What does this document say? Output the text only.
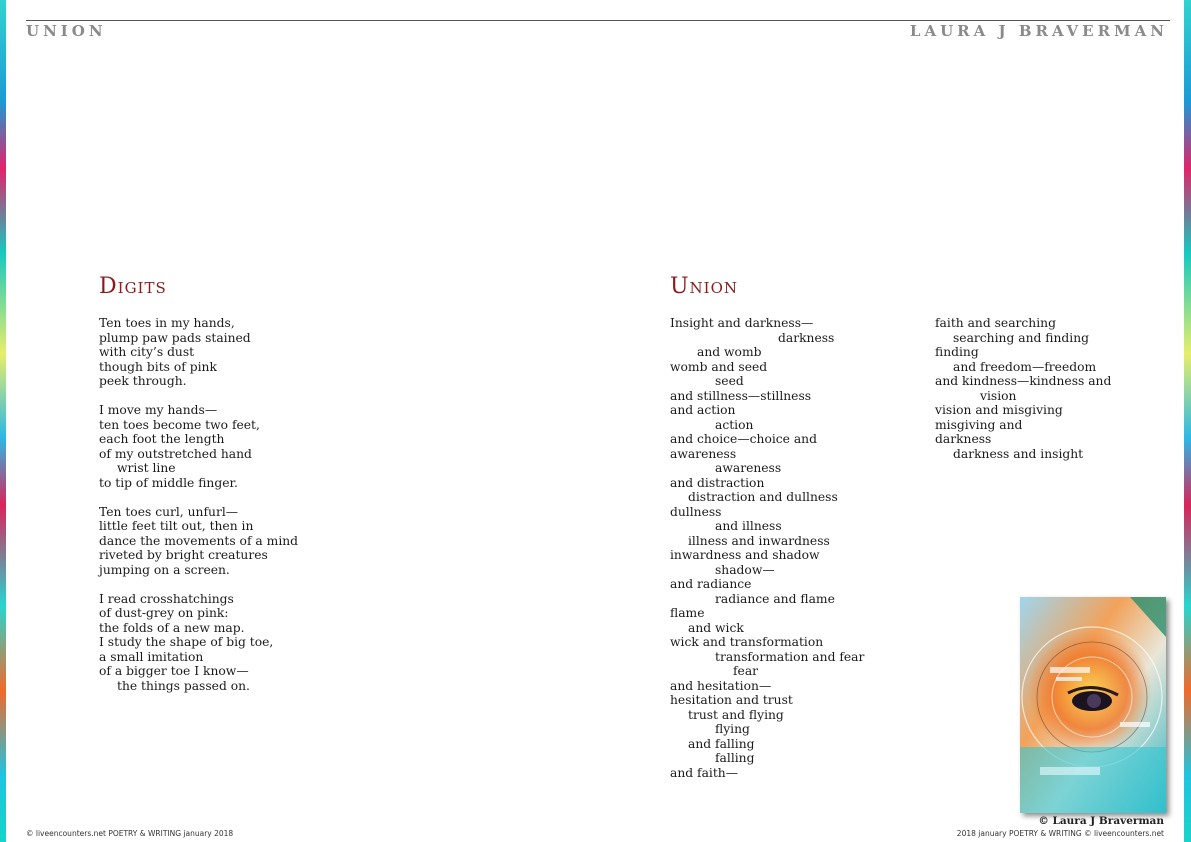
UNION	LAURA J BRAVERMAN
Digits
Ten toes in my hands,
plump paw pads stained
with city’s dust
though bits of pink
peek through.
I move my hands—
ten toes become two feet,
each foot the length
of my outstretched hand
wrist line
to tip of middle finger.
Ten toes curl, unfurl—
little feet tilt out, then in
dance the movements of a mind
riveted by bright creatures
jumping on a screen.
I read crosshatchings
of dust-grey on pink:
the folds of a new map.
I study the shape of big toe,
a small imitation
of a bigger toe I know—
the things passed on.
Union
Insight and darkness—
darkness
and womb
womb and seed
seed
and stillness—stillness
and action
action
and choice—choice and
awareness
awareness
and distraction
distraction and dullness
dullness
and illness
illness and inwardness
inwardness and shadow
shadow—
and radiance
radiance and flame
flame
and wick
wick and transformation
transformation and fear
fear
and hesitation—
hesitation and trust
trust and flying
flying
and falling
falling
and faith—
faith and searching
searching and finding
finding
and freedom—freedom
and kindness—kindness and
vision
vision and misgiving
misgiving and
darkness
darkness and insight
© Laura J Braverman
© liveencounters.net POETRY & WRITING january 2018	2018 january POETRY & WRITING © liveencounters.net
